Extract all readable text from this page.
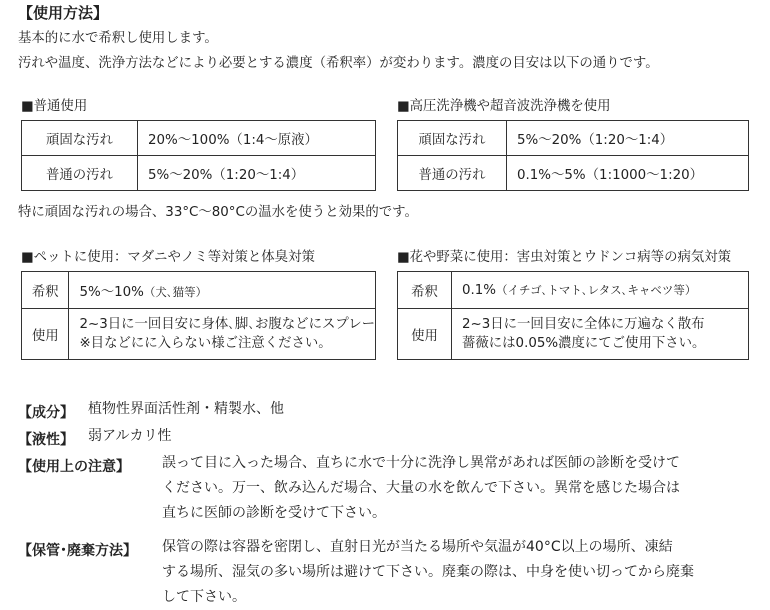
【使用方法】
基本的に水で希釈し使用します。
汚れや温度、洗浄方法などにより必要とする濃度（希釈率）が変わります。濃度の目安は以下の通りです。
■普通使用
頑固な汚れ	20%～100%（1:4～原液）
普通の汚れ	5%～20%（1:20～1:4）
■高圧洗浄機や超音波洗浄機を使用
頑固な汚れ	5%～20%（1:20～1:4）
普通の汚れ	0.1%～5%（1:1000～1:20）
特に頑固な汚れの場合、33°C～80°Cの温水を使うと効果的です。
■ペットに使用：マダニやノミ等対策と体臭対策
希釈	5%～10%（犬､猫等）
使用	2~3日に一回目安に身体､脚､お腹などにスプレー
※目などにに入らない様ご注意ください。
■花や野菜に使用：害虫対策とウドンコ病等の病気対策
希釈	0.1%（イチゴ､トマト､レタス､キャベツ等）
使用	2~3日に一回目安に全体に万遍なく散布
薔薇には0.05%濃度にてご使用下さい。
【成分】 植物性界面活性剤・精製水、他
【液性】 弱アルカリ性
【使用上の注意】 誤って目に入った場合、直ちに水で十分に洗浄し異常があれば医師の診断を受けて
ください。万一、飲み込んだ場合、大量の水を飲んで下さい。異常を感じた場合は
直ちに医師の診断を受けて下さい。
【保管･廃棄方法】 保管の際は容器を密閉し、直射日光が当たる場所や気温が40°C以上の場所、凍結
する場所、湿気の多い場所は避けて下さい。廃棄の際は、中身を使い切ってから廃棄
して下さい。
